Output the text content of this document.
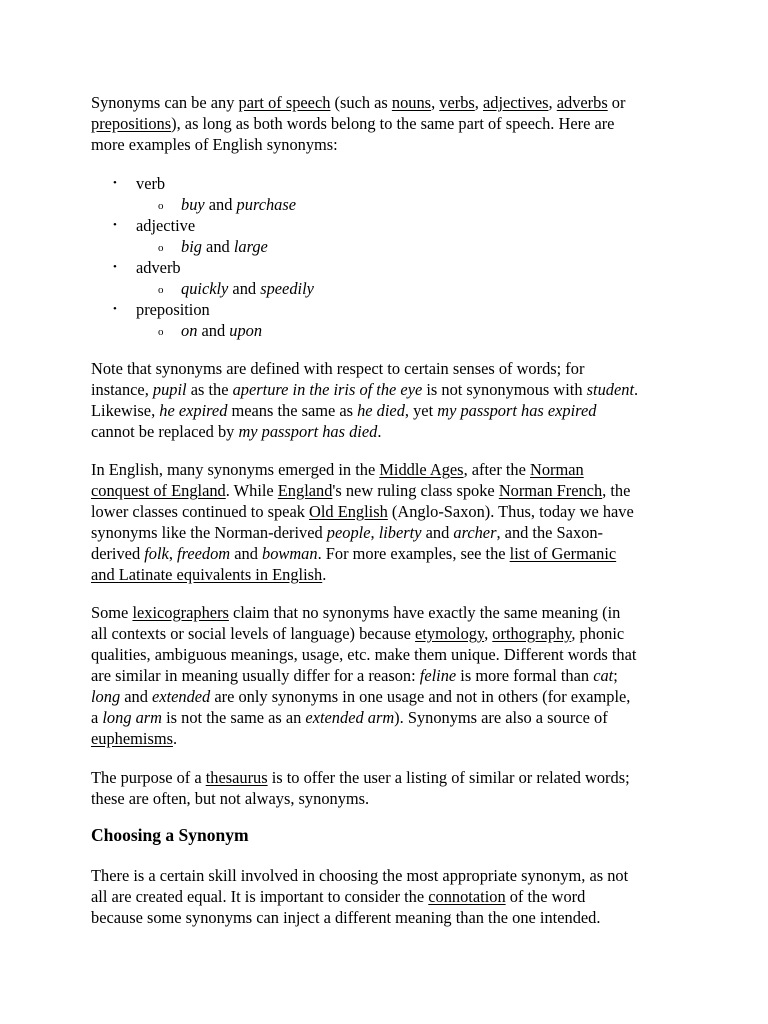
Synonyms can be any part of speech (such as nouns, verbs, adjectives, adverbs or
prepositions), as long as both words belong to the same part of speech. Here are
more examples of English synonyms:

• verb
o buy and purchase
• adjective
o big and large
• adverb
o quickly and speedily
• preposition
o on and upon

Note that synonyms are defined with respect to certain senses of words; for
instance, pupil as the aperture in the iris of the eye is not synonymous with student.
Likewise, he expired means the same as he died, yet my passport has expired
cannot be replaced by my passport has died.

In English, many synonyms emerged in the Middle Ages, after the Norman
conquest of England. While England's new ruling class spoke Norman French, the
lower classes continued to speak Old English (Anglo-Saxon). Thus, today we have
synonyms like the Norman-derived people, liberty and archer, and the Saxon-
derived folk, freedom and bowman. For more examples, see the list of Germanic
and Latinate equivalents in English.

Some lexicographers claim that no synonyms have exactly the same meaning (in
all contexts or social levels of language) because etymology, orthography, phonic
qualities, ambiguous meanings, usage, etc. make them unique. Different words that
are similar in meaning usually differ for a reason: feline is more formal than cat;
long and extended are only synonyms in one usage and not in others (for example,
a long arm is not the same as an extended arm). Synonyms are also a source of
euphemisms.

The purpose of a thesaurus is to offer the user a listing of similar or related words;
these are often, but not always, synonyms.

Choosing a Synonym

There is a certain skill involved in choosing the most appropriate synonym, as not
all are created equal. It is important to consider the connotation of the word
because some synonyms can inject a different meaning than the one intended.
